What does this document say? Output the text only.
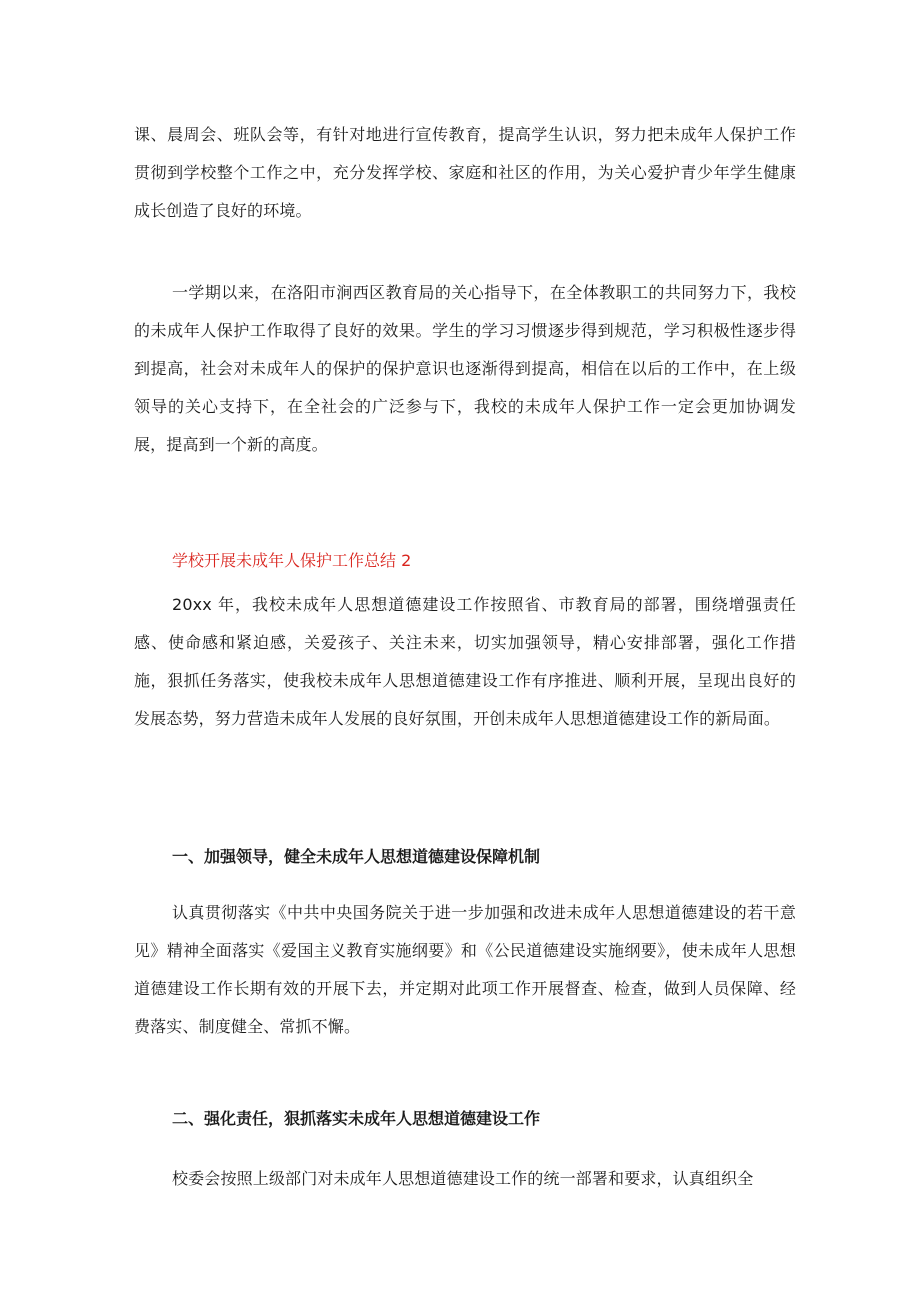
课、晨周会、班队会等，有针对地进行宣传教育，提高学生认识，努力把未成年人保护工作贯彻到学校整个工作之中，充分发挥学校、家庭和社区的作用，为关心爱护青少年学生健康成长创造了良好的环境。

一学期以来，在洛阳市涧西区教育局的关心指导下，在全体教职工的共同努力下，我校的未成年人保护工作取得了良好的效果。学生的学习习惯逐步得到规范，学习积极性逐步得到提高，社会对未成年人的保护的保护意识也逐渐得到提高，相信在以后的工作中，在上级领导的关心支持下，在全社会的广泛参与下，我校的未成年人保护工作一定会更加协调发展，提高到一个新的高度。

学校开展未成年人保护工作总结 2

20xx 年，我校未成年人思想道德建设工作按照省、市教育局的部署，围绕增强责任感、使命感和紧迫感，关爱孩子、关注未来，切实加强领导，精心安排部署，强化工作措施，狠抓任务落实，使我校未成年人思想道德建设工作有序推进、顺利开展，呈现出良好的发展态势，努力营造未成年人发展的良好氛围，开创未成年人思想道德建设工作的新局面。

一、加强领导，健全未成年人思想道德建设保障机制

认真贯彻落实《中共中央国务院关于进一步加强和改进未成年人思想道德建设的若干意见》精神全面落实《爱国主义教育实施纲要》和《公民道德建设实施纲要》，使未成年人思想道德建设工作长期有效的开展下去，并定期对此项工作开展督查、检查，做到人员保障、经费落实、制度健全、常抓不懈。

二、强化责任，狠抓落实未成年人思想道德建设工作

校委会按照上级部门对未成年人思想道德建设工作的统一部署和要求，认真组织全
